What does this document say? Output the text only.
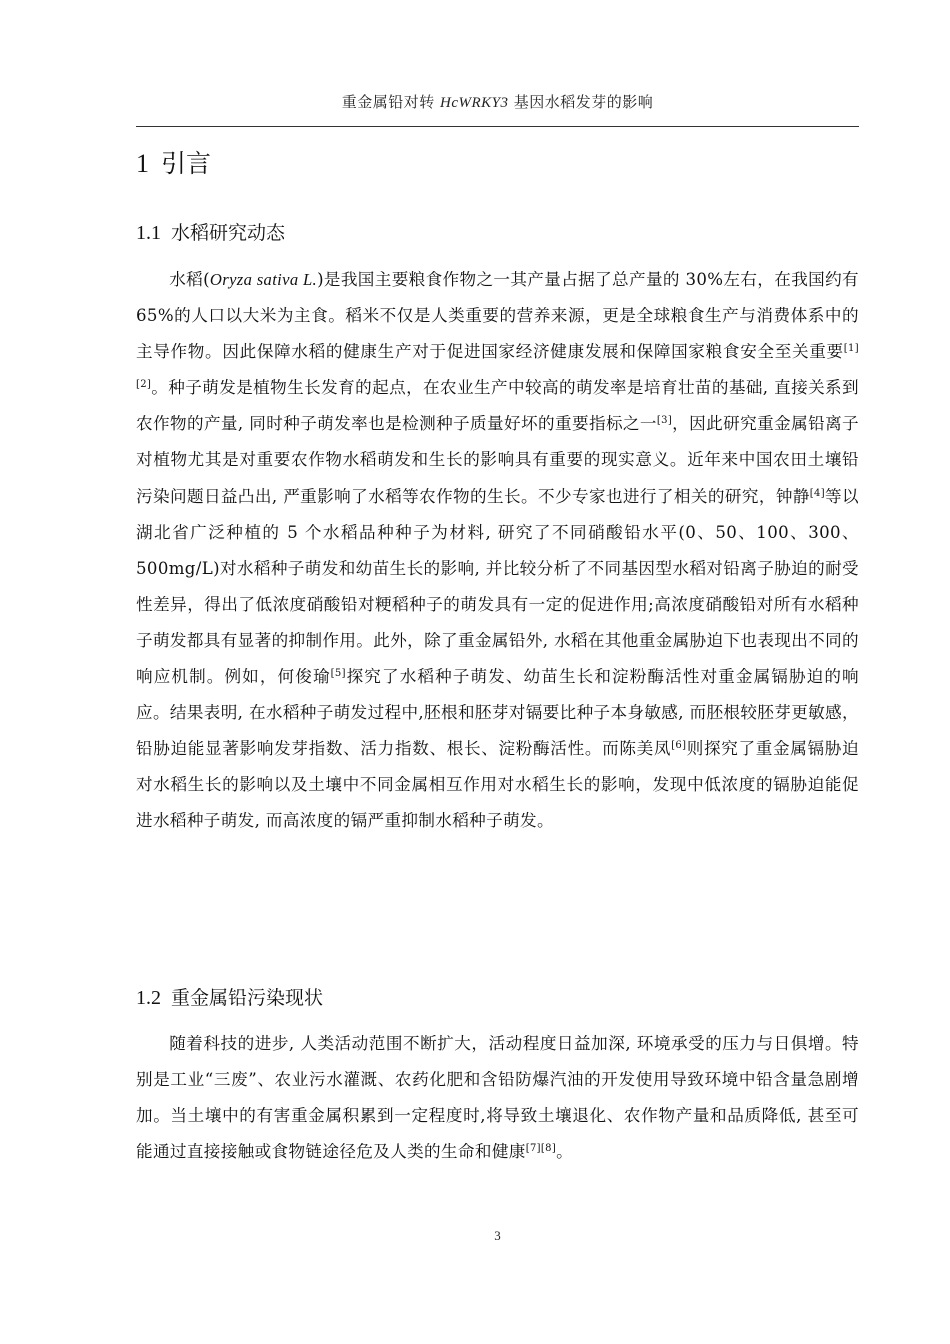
重金属铅对转 HcWRKY3 基因水稻发芽的影响
1 引言
1.1 水稻研究动态

水稻(Oryza sativa L.)是我国主要粮食作物之一其产量占据了总产量的 30%左右，在我国约有 65%的人口以大米为主食。稻米不仅是人类重要的营养来源，更是全球粮食生产与消费体系中的主导作物。因此保障水稻的健康生产对于促进国家经济健康发展和保障国家粮食安全至关重要[1][2]。种子萌发是植物生长发育的起点，在农业生产中较高的萌发率是培育壮苗的基础, 直接关系到农作物的产量, 同时种子萌发率也是检测种子质量好坏的重要指标之一[3]，因此研究重金属铅离子对植物尤其是对重要农作物水稻萌发和生长的影响具有重要的现实意义。近年来中国农田土壤铅污染问题日益凸出, 严重影响了水稻等农作物的生长。不少专家也进行了相关的研究，钟静[4]等以湖北省广泛种植的 5 个水稻品种种子为材料, 研究了不同硝酸铅水平(0、50、100、300、500mg/L)对水稻种子萌发和幼苗生长的影响, 并比较分析了不同基因型水稻对铅离子胁迫的耐受性差异，得出了低浓度硝酸铅对粳稻种子的萌发具有一定的促进作用;高浓度硝酸铅对所有水稻种子萌发都具有显著的抑制作用。此外，除了重金属铅外, 水稻在其他重金属胁迫下也表现出不同的响应机制。例如，何俊瑜[5]探究了水稻种子萌发、幼苗生长和淀粉酶活性对重金属镉胁迫的响应。结果表明, 在水稻种子萌发过程中,胚根和胚芽对镉要比种子本身敏感, 而胚根较胚芽更敏感，铅胁迫能显著影响发芽指数、活力指数、根长、淀粉酶活性。而陈美凤[6]则探究了重金属镉胁迫对水稻生长的影响以及土壤中不同金属相互作用对水稻生长的影响，发现中低浓度的镉胁迫能促进水稻种子萌发, 而高浓度的镉严重抑制水稻种子萌发。

1.2 重金属铅污染现状

随着科技的进步, 人类活动范围不断扩大，活动程度日益加深, 环境承受的压力与日俱增。特别是工业“三废”、农业污水灌溉、农药化肥和含铅防爆汽油的开发使用导致环境中铅含量急剧增加。当土壤中的有害重金属积累到一定程度时,将导致土壤退化、农作物产量和品质降低, 甚至可能通过直接接触或食物链途径危及人类的生命和健康[7][8]。

3
